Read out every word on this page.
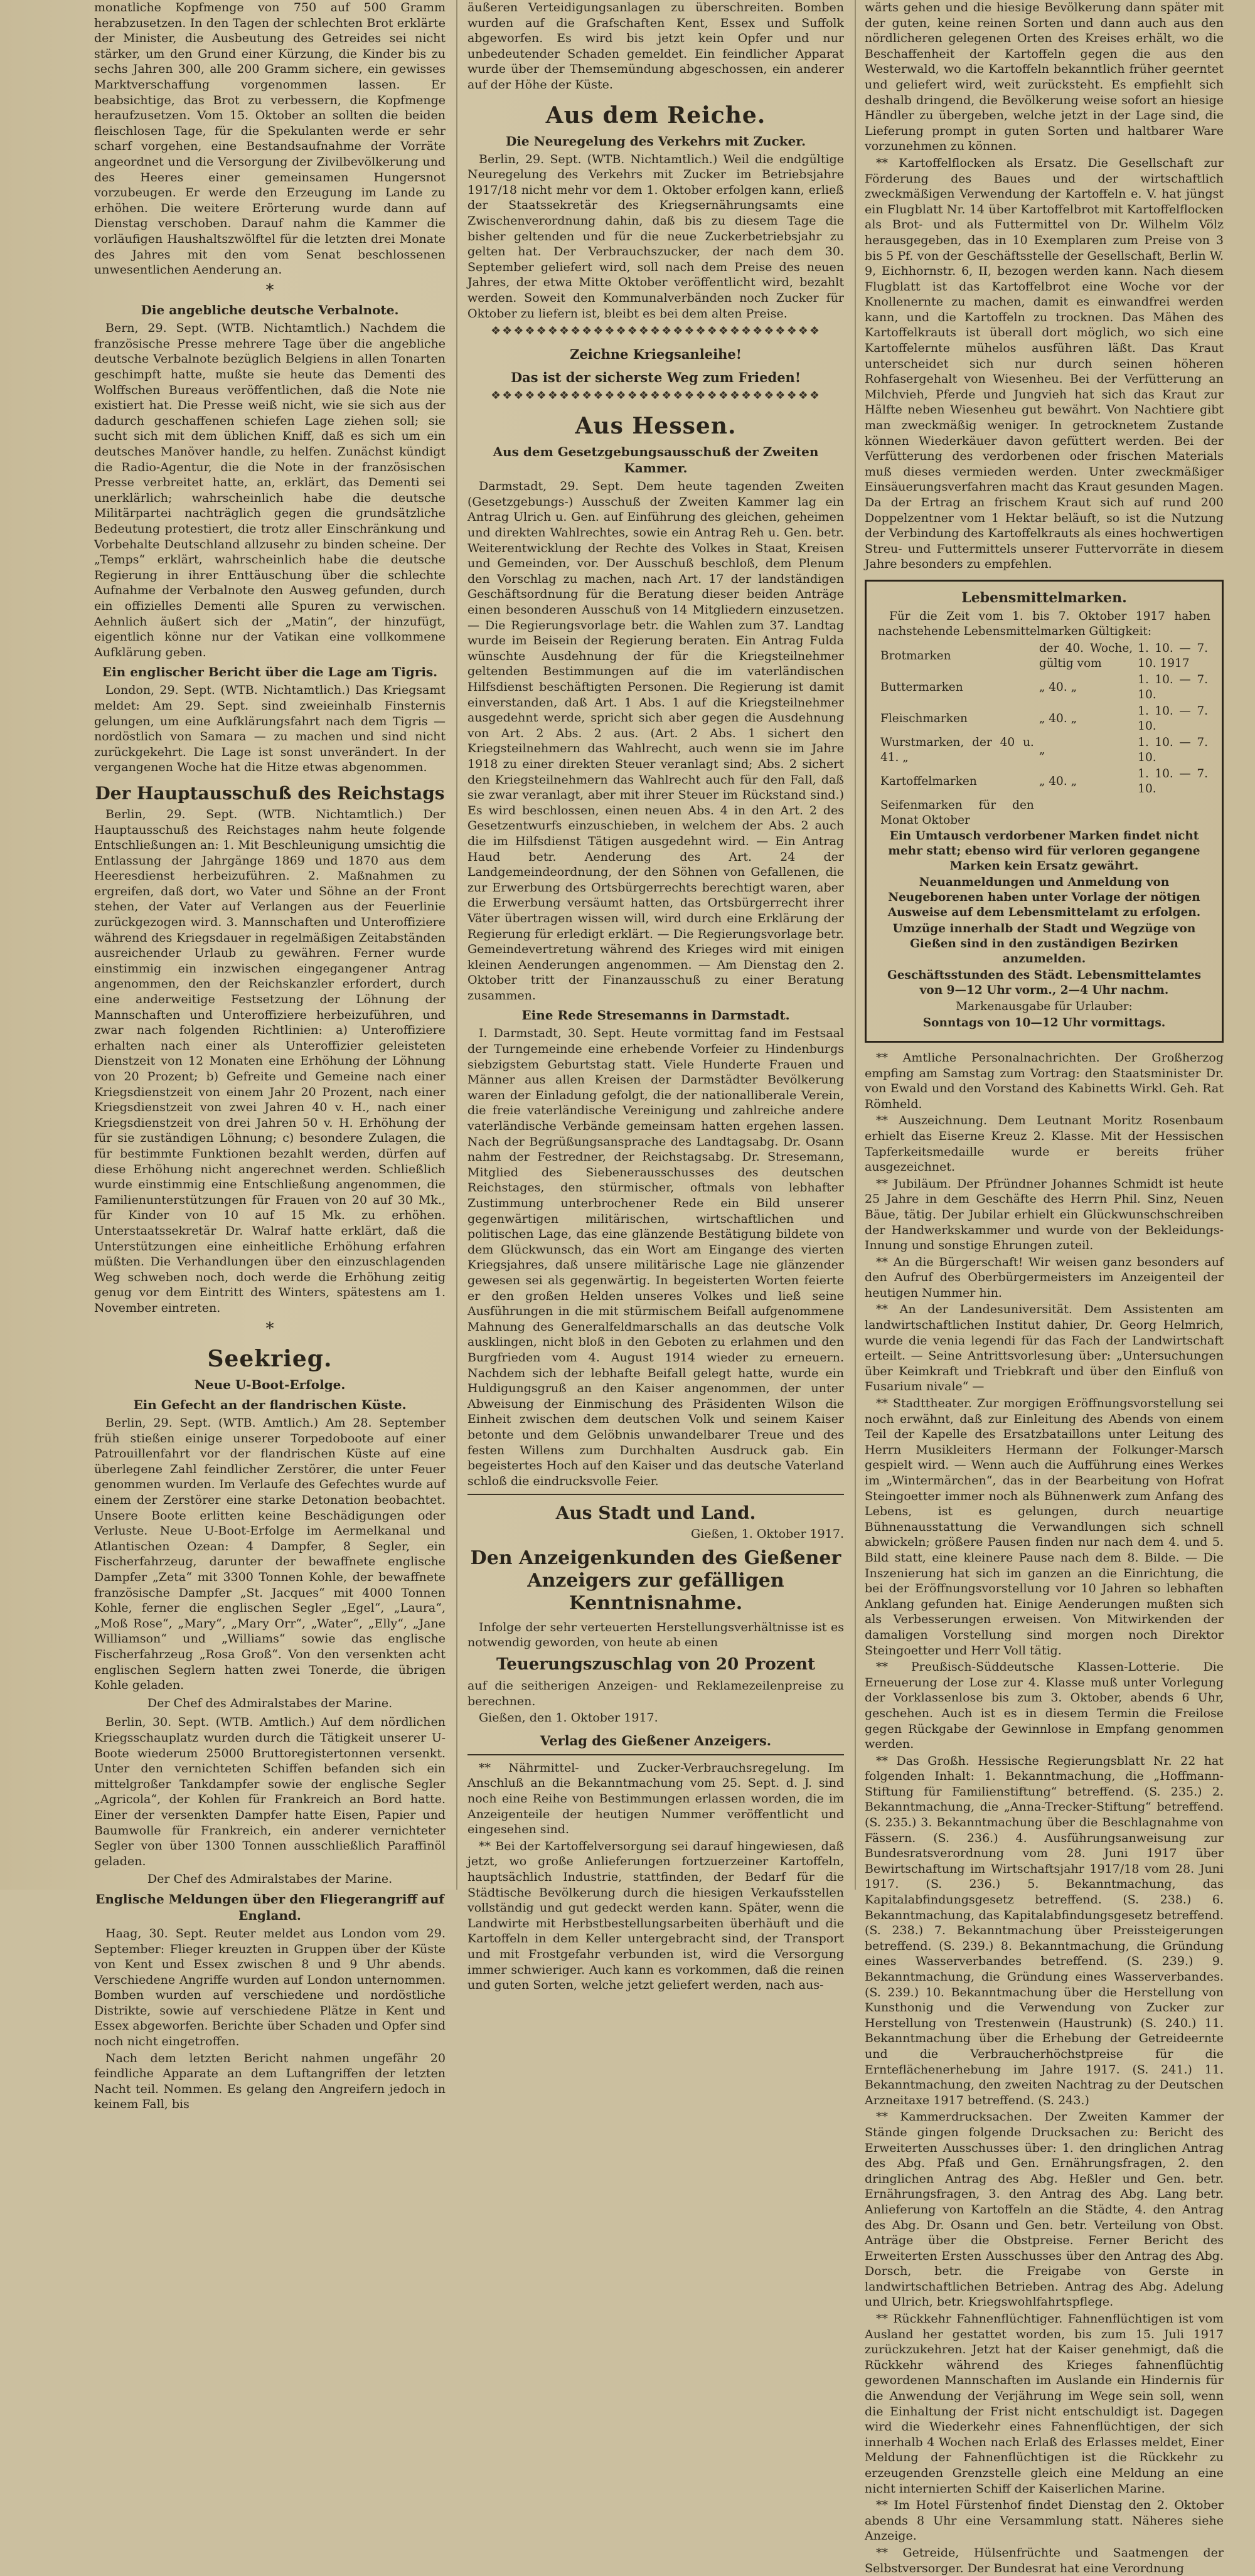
monatliche Kopfmenge von 750 auf 500 Gramm herabzusetzen. In den Tagen der schlechten Brot erklärte der Minister, die Ausbeutung des Getreides sei nicht stärker, um den Grund einer Kürzung, die Kinder bis zu sechs Jahren 300, alle 200 Gramm sichere, ein gewisses Marktverschaffung vorgenommen lassen. Er beabsichtige, das Brot zu verbessern, die Kopfmenge heraufzusetzen. Vom 15. Oktober an sollten die beiden fleischlosen Tage, für die Spekulanten werde er sehr scharf vorgehen, eine Bestandsaufnahme der Vorräte angeordnet und die Versorgung der Zivilbevölkerung und des Heeres einer gemeinsamen Hungersnot vorzubeugen. Er werde den Erzeugung im Lande zu erhöhen. Die weitere Erörterung wurde dann auf Dienstag verschoben. Darauf nahm die Kammer die vorläufigen Haushaltszwölftel für die letzten drei Monate des Jahres mit den vom Senat beschlossenen unwesentlichen Aenderung an.

*
Die angebliche deutsche Verbalnote.

Bern, 29. Sept. (WTB. Nichtamtlich.) Nachdem die französische Presse mehrere Tage über die angebliche deutsche Verbalnote bezüglich Belgiens in allen Tonarten geschimpft hatte, mußte sie heute das Dementi des Wolffschen Bureaus veröffentlichen, daß die Note nie existiert hat. Die Presse weiß nicht, wie sie sich aus der dadurch geschaffenen schiefen Lage ziehen soll; sie sucht sich mit dem üblichen Kniff, daß es sich um ein deutsches Manöver handle, zu helfen. Zunächst kündigt die Radio-Agentur, die die Note in der französischen Presse verbreitet hatte, an, erklärt, das Dementi sei unerklärlich; wahrscheinlich habe die deutsche Militärpartei nachträglich gegen die grundsätzliche Bedeutung protestiert, die trotz aller Einschränkung und Vorbehalte Deutschland allzusehr zu binden scheine. Der „Temps“ erklärt, wahrscheinlich habe die deutsche Regierung in ihrer Enttäuschung über die schlechte Aufnahme der Verbalnote den Ausweg gefunden, durch ein offizielles Dementi alle Spuren zu verwischen. Aehnlich äußert sich der „Matin“, der hinzufügt, eigentlich könne nur der Vatikan eine vollkommene Aufklärung geben.

Ein englischer Bericht über die Lage am Tigris.

London, 29. Sept. (WTB. Nichtamtlich.) Das Kriegsamt meldet: Am 29. Sept. sind zweieinhalb Finsternis gelungen, um eine Aufklärungsfahrt nach dem Tigris — nordöstlich von Samara — zu machen und sind nicht zurückgekehrt. Die Lage ist sonst unverändert. In der vergangenen Woche hat die Hitze etwas abgenommen.

Der Hauptausschuß des Reichstags

Berlin, 29. Sept. (WTB. Nichtamtlich.) Der Hauptausschuß des Reichstages nahm heute folgende Entschließungen an: 1. Mit Beschleunigung umsichtig die Entlassung der Jahrgänge 1869 und 1870 aus dem Heeresdienst herbeizuführen. 2. Maßnahmen zu ergreifen, daß dort, wo Vater und Söhne an der Front stehen, der Vater auf Verlangen aus der Feuerlinie zurückgezogen wird. 3. Mannschaften und Unteroffiziere während des Kriegsdauer in regelmäßigen Zeitabständen ausreichender Urlaub zu gewähren. Ferner wurde einstimmig ein inzwischen eingegangener Antrag angenommen, den der Reichskanzler erfordert, durch eine anderweitige Festsetzung der Löhnung der Mannschaften und Unteroffiziere herbeizuführen, und zwar nach folgenden Richtlinien: a) Unteroffiziere erhalten nach einer als Unteroffizier geleisteten Dienstzeit von 12 Monaten eine Erhöhung der Löhnung von 20 Prozent; b) Gefreite und Gemeine nach einer Kriegsdienstzeit von einem Jahr 20 Prozent, nach einer Kriegsdienstzeit von zwei Jahren 40 v. H., nach einer Kriegsdienstzeit von drei Jahren 50 v. H. Erhöhung der für sie zuständigen Löhnung; c) besondere Zulagen, die für bestimmte Funktionen bezahlt werden, dürfen auf diese Erhöhung nicht angerechnet werden. Schließlich wurde einstimmig eine Entschließung angenommen, die Familienunterstützungen für Frauen von 20 auf 30 Mk., für Kinder von 10 auf 15 Mk. zu erhöhen. Unterstaatssekretär Dr. Walraf hatte erklärt, daß die Unterstützungen eine einheitliche Erhöhung erfahren müßten. Die Verhandlungen über den einzuschlagenden Weg schweben noch, doch werde die Erhöhung zeitig genug vor dem Eintritt des Winters, spätestens am 1. November eintreten.

*
Seekrieg.
Neue U-Boot-Erfolge.
Ein Gefecht an der flandrischen Küste.

Berlin, 29. Sept. (WTB. Amtlich.) Am 28. September früh stießen einige unserer Torpedoboote auf einer Patrouillenfahrt vor der flandrischen Küste auf eine überlegene Zahl feindlicher Zerstörer, die unter Feuer genommen wurden. Im Verlaufe des Gefechtes wurde auf einem der Zerstörer eine starke Detonation beobachtet. Unsere Boote erlitten keine Beschädigungen oder Verluste. Neue U-Boot-Erfolge im Aermelkanal und Atlantischen Ozean: 4 Dampfer, 8 Segler, ein Fischerfahrzeug, darunter der bewaffnete englische Dampfer „Zeta“ mit 3300 Tonnen Kohle, der bewaffnete französische Dampfer „St. Jacques“ mit 4000 Tonnen Kohle, ferner die englischen Segler „Egel“, „Laura“, „Moß Rose“, „Mary“, „Mary Orr“, „Water“, „Elly“, „Jane Williamson“ und „Williams“ sowie das englische Fischerfahrzeug „Rosa Groß“. Von den versenkten acht englischen Seglern hatten zwei Tonerde, die übrigen Kohle geladen.

Der Chef des Admiralstabes der Marine.

Berlin, 30. Sept. (WTB. Amtlich.) Auf dem nördlichen Kriegsschauplatz wurden durch die Tätigkeit unserer U-Boote wiederum 25000 Bruttoregistertonnen versenkt. Unter den vernichteten Schiffen befanden sich ein mittelgroßer Tankdampfer sowie der englische Segler „Agricola“, der Kohlen für Frankreich an Bord hatte. Einer der versenkten Dampfer hatte Eisen, Papier und Baumwolle für Frankreich, ein anderer vernichteter Segler von über 1300 Tonnen ausschließlich Paraffinöl geladen.

Der Chef des Admiralstabes der Marine.
Englische Meldungen über den Fliegerangriff auf England.

Haag, 30. Sept. Reuter meldet aus London vom 29. September: Flieger kreuzten in Gruppen über der Küste von Kent und Essex zwischen 8 und 9 Uhr abends. Verschiedene Angriffe wurden auf London unternommen. Bomben wurden auf verschiedene und nordöstliche Distrikte, sowie auf verschiedene Plätze in Kent und Essex abgeworfen. Berichte über Schaden und Opfer sind noch nicht eingetroffen.

Nach dem letzten Bericht nahmen ungefähr 20 feindliche Apparate an dem Luftangriffen der letzten Nacht teil. Nommen. Es gelang den Angreifern jedoch in keinem Fall, bis

äußeren Verteidigungsanlagen zu überschreiten. Bomben wurden auf die Grafschaften Kent, Essex und Suffolk abgeworfen. Es wird bis jetzt kein Opfer und nur unbedeutender Schaden gemeldet. Ein feindlicher Apparat wurde über der Themsemündung abgeschossen, ein anderer auf der Höhe der Küste.

Aus dem Reiche.
Die Neuregelung des Verkehrs mit Zucker.

Berlin, 29. Sept. (WTB. Nichtamtlich.) Weil die endgültige Neuregelung des Verkehrs mit Zucker im Betriebsjahre 1917/18 nicht mehr vor dem 1. Oktober erfolgen kann, erließ der Staatssekretär des Kriegsernährungsamts eine Zwischenverordnung dahin, daß bis zu diesem Tage die bisher geltenden und für die neue Zuckerbetriebsjahr zu gelten hat. Der Verbrauchszucker, der nach dem 30. September geliefert wird, soll nach dem Preise des neuen Jahres, der etwa Mitte Oktober veröffentlicht wird, bezahlt werden. Soweit den Kommunalverbänden noch Zucker für Oktober zu liefern ist, bleibt es bei dem alten Preise.

❖❖❖❖❖❖❖❖❖❖❖❖❖❖❖❖❖❖❖❖❖❖❖❖❖❖❖❖❖
Zeichne Kriegsanleihe!
Das ist der sicherste Weg zum Frieden!
❖❖❖❖❖❖❖❖❖❖❖❖❖❖❖❖❖❖❖❖❖❖❖❖❖❖❖❖❖
Aus Hessen.
Aus dem Gesetzgebungsausschuß der Zweiten Kammer.

Darmstadt, 29. Sept. Dem heute tagenden Zweiten (Gesetzgebungs-) Ausschuß der Zweiten Kammer lag ein Antrag Ulrich u. Gen. auf Einführung des gleichen, geheimen und direkten Wahlrechtes, sowie ein Antrag Reh u. Gen. betr. Weiterentwicklung der Rechte des Volkes in Staat, Kreisen und Gemeinden, vor. Der Ausschuß beschloß, dem Plenum den Vorschlag zu machen, nach Art. 17 der landständigen Geschäftsordnung für die Beratung dieser beiden Anträge einen besonderen Ausschuß von 14 Mitgliedern einzusetzen. — Die Regierungsvorlage betr. die Wahlen zum 37. Landtag wurde im Beisein der Regierung beraten. Ein Antrag Fulda wünschte Ausdehnung der für die Kriegsteilnehmer geltenden Bestimmungen auf die im vaterländischen Hilfsdienst beschäftigten Personen. Die Regierung ist damit einverstanden, daß Art. 1 Abs. 1 auf die Kriegsteilnehmer ausgedehnt werde, spricht sich aber gegen die Ausdehnung von Art. 2 Abs. 2 aus. (Art. 2 Abs. 1 sichert den Kriegsteilnehmern das Wahlrecht, auch wenn sie im Jahre 1918 zu einer direkten Steuer veranlagt sind; Abs. 2 sichert den Kriegsteilnehmern das Wahlrecht auch für den Fall, daß sie zwar veranlagt, aber mit ihrer Steuer im Rückstand sind.) Es wird beschlossen, einen neuen Abs. 4 in den Art. 2 des Gesetzentwurfs einzuschieben, in welchem der Abs. 2 auch die im Hilfsdienst Tätigen ausgedehnt wird. — Ein Antrag Haud betr. Aenderung des Art. 24 der Landgemeindeordnung, der den Söhnen von Gefallenen, die zur Erwerbung des Ortsbürgerrechts berechtigt waren, aber die Erwerbung versäumt hatten, das Ortsbürgerrecht ihrer Väter übertragen wissen will, wird durch eine Erklärung der Regierung für erledigt erklärt. — Die Regierungsvorlage betr. Gemeindevertretung während des Krieges wird mit einigen kleinen Aenderungen angenommen. — Am Dienstag den 2. Oktober tritt der Finanzausschuß zu einer Beratung zusammen.

Eine Rede Stresemanns in Darmstadt.

I. Darmstadt, 30. Sept. Heute vormittag fand im Festsaal der Turngemeinde eine erhebende Vorfeier zu Hindenburgs siebzigstem Geburtstag statt. Viele Hunderte Frauen und Männer aus allen Kreisen der Darmstädter Bevölkerung waren der Einladung gefolgt, die der nationalliberale Verein, die freie vaterländische Vereinigung und zahlreiche andere vaterländische Verbände gemeinsam hatten ergehen lassen. Nach der Begrüßungsansprache des Landtagsabg. Dr. Osann nahm der Festredner, der Reichstagsabg. Dr. Stresemann, Mitglied des Siebenerausschusses des deutschen Reichstages, den stürmischer, oftmals von lebhafter Zustimmung unterbrochener Rede ein Bild unserer gegenwärtigen militärischen, wirtschaftlichen und politischen Lage, das eine glänzende Bestätigung bildete von dem Glückwunsch, das ein Wort am Eingange des vierten Kriegsjahres, daß unsere militärische Lage nie glänzender gewesen sei als gegenwärtig. In begeisterten Worten feierte er den großen Helden unseres Volkes und ließ seine Ausführungen in die mit stürmischem Beifall aufgenommene Mahnung des Generalfeldmarschalls an das deutsche Volk ausklingen, nicht bloß in den Geboten zu erlahmen und den Burgfrieden vom 4. August 1914 wieder zu erneuern. Nachdem sich der lebhafte Beifall gelegt hatte, wurde ein Huldigungsgruß an den Kaiser angenommen, der unter Abweisung der Einmischung des Präsidenten Wilson die Einheit zwischen dem deutschen Volk und seinem Kaiser betonte und dem Gelöbnis unwandelbarer Treue und des festen Willens zum Durchhalten Ausdruck gab. Ein begeistertes Hoch auf den Kaiser und das deutsche Vaterland schloß die eindrucksvolle Feier.

Aus Stadt und Land.
Gießen, 1. Oktober 1917.
Den Anzeigenkunden des Gießener Anzeigers zur gefälligen Kenntnisnahme.

Infolge der sehr verteuerten Herstellungsverhältnisse ist es notwendig geworden, von heute ab einen

Teuerungszuschlag von 20 Prozent

auf die seitherigen Anzeigen- und Reklamezeilenpreise zu berechnen.

Gießen, den 1. Oktober 1917.

Verlag des Gießener Anzeigers.

** Nährmittel- und Zucker-Verbrauchsregelung. Im Anschluß an die Bekanntmachung vom 25. Sept. d. J. sind noch eine Reihe von Bestimmungen erlassen worden, die im Anzeigenteile der heutigen Nummer veröffentlicht und eingesehen sind.

** Bei der Kartoffelversorgung sei darauf hingewiesen, daß jetzt, wo große Anlieferungen fortzuerzeiner Kartoffeln, hauptsächlich Industrie, stattfinden, der Bedarf für die Städtische Bevölkerung durch die hiesigen Verkaufsstellen vollständig und gut gedeckt werden kann. Später, wenn die Landwirte mit Herbstbestellungsarbeiten überhäuft und die Kartoffeln in dem Keller untergebracht sind, der Transport und mit Frostgefahr verbunden ist, wird die Versorgung immer schwieriger. Auch kann es vorkommen, daß die reinen und guten Sorten, welche jetzt geliefert werden, nach aus-

wärts gehen und die hiesige Bevölkerung dann später mit der guten, keine reinen Sorten und dann auch aus den nördlicheren gelegenen Orten des Kreises erhält, wo die Beschaffenheit der Kartoffeln gegen die aus den Westerwald, wo die Kartoffeln bekanntlich früher geerntet und geliefert wird, weit zurücksteht. Es empfiehlt sich deshalb dringend, die Bevölkerung weise sofort an hiesige Händler zu übergeben, welche jetzt in der Lage sind, die Lieferung prompt in guten Sorten und haltbarer Ware vorzunehmen zu können.

** Kartoffelflocken als Ersatz. Die Gesellschaft zur Förderung des Baues und der wirtschaftlich zweckmäßigen Verwendung der Kartoffeln e. V. hat jüngst ein Flugblatt Nr. 14 über Kartoffelbrot mit Kartoffelflocken als Brot- und als Futtermittel von Dr. Wilhelm Völz herausgegeben, das in 10 Exemplaren zum Preise von 3 bis 5 Pf. von der Geschäftsstelle der Gesellschaft, Berlin W. 9, Eichhornstr. 6, II, bezogen werden kann. Nach diesem Flugblatt ist das Kartoffelbrot eine Woche vor der Knollenernte zu machen, damit es einwandfrei werden kann, und die Kartoffeln zu trocknen. Das Mähen des Kartoffelkrauts ist überall dort möglich, wo sich eine Kartoffelernte mühelos ausführen läßt. Das Kraut unterscheidet sich nur durch seinen höheren Rohfasergehalt von Wiesenheu. Bei der Verfütterung an Milchvieh, Pferde und Jungvieh hat sich das Kraut zur Hälfte neben Wiesenheu gut bewährt. Von Nachtiere gibt man zweckmäßig weniger. In getrocknetem Zustande können Wiederkäuer davon gefüttert werden. Bei der Verfütterung des verdorbenen oder frischen Materials muß dieses vermieden werden. Unter zweckmäßiger Einsäuerungsverfahren macht das Kraut gesunden Magen. Da der Ertrag an frischem Kraut sich auf rund 200 Doppelzentner vom 1 Hektar beläuft, so ist die Nutzung der Verbindung des Kartoffelkrauts als eines hochwertigen Streu- und Futtermittels unserer Futtervorräte in diesem Jahre besonders zu empfehlen.

Lebensmittelmarken.

Für die Zeit vom 1. bis 7. Oktober 1917 haben nachstehende Lebensmittelmarken Gültigkeit:

Brotmarken	der 40. Woche, gültig vom	1. 10. — 7. 10. 1917
Buttermarken	„ 40. „	1. 10. — 7. 10.
Fleischmarken	„ 40. „	1. 10. — 7. 10.
Wurstmarken, der 40 u. 41. „	„	1. 10. — 7. 10.
Kartoffelmarken	„ 40. „	1. 10. — 7. 10.
Seifenmarken für den Monat Oktober		

Ein Umtausch verdorbener Marken findet nicht mehr statt; ebenso wird für verloren gegangene Marken kein Ersatz gewährt.

Neuanmeldungen und Anmeldung von Neugeborenen haben unter Vorlage der nötigen Ausweise auf dem Lebensmittelamt zu erfolgen.

Umzüge innerhalb der Stadt und Wegzüge von Gießen sind in den zuständigen Bezirken anzumelden.

Geschäftsstunden des Städt. Lebensmittelamtes von 9—12 Uhr vorm., 2—4 Uhr nachm.

Markenausgabe für Urlauber:

Sonntags von 10—12 Uhr vormittags.

** Amtliche Personalnachrichten. Der Großherzog empfing am Samstag zum Vortrag: den Staatsminister Dr. von Ewald und den Vorstand des Kabinetts Wirkl. Geh. Rat Römheld.

** Auszeichnung. Dem Leutnant Moritz Rosenbaum erhielt das Eiserne Kreuz 2. Klasse. Mit der Hessischen Tapferkeitsmedaille wurde er bereits früher ausgezeichnet.

** Jubiläum. Der Pfründner Johannes Schmidt ist heute 25 Jahre in dem Geschäfte des Herrn Phil. Sinz, Neuen Bäue, tätig. Der Jubilar erhielt ein Glückwunschschreiben der Handwerkskammer und wurde von der Bekleidungs-Innung und sonstige Ehrungen zuteil.

** An die Bürgerschaft! Wir weisen ganz besonders auf den Aufruf des Oberbürgermeisters im Anzeigenteil der heutigen Nummer hin.

** An der Landesuniversität. Dem Assistenten am landwirtschaftlichen Institut dahier, Dr. Georg Helmrich, wurde die venia legendi für das Fach der Landwirtschaft erteilt. — Seine Antrittsvorlesung über: „Untersuchungen über Keimkraft und Triebkraft und über den Einfluß von Fusarium nivale“ —

** Stadttheater. Zur morgigen Eröffnungsvorstellung sei noch erwähnt, daß zur Einleitung des Abends von einem Teil der Kapelle des Ersatzbataillons unter Leitung des Herrn Musikleiters Hermann der Folkunger-Marsch gespielt wird. — Wenn auch die Aufführung eines Werkes im „Wintermärchen“, das in der Bearbeitung von Hofrat Steingoetter immer noch als Bühnenwerk zum Anfang des Lebens, ist es gelungen, durch neuartige Bühnenausstattung die Verwandlungen sich schnell abwickeln; größere Pausen finden nur nach dem 4. und 5. Bild statt, eine kleinere Pause nach dem 8. Bilde. — Die Inszenierung hat sich im ganzen an die Einrichtung, die bei der Eröffnungsvorstellung vor 10 Jahren so lebhaften Anklang gefunden hat. Einige Aenderungen mußten sich als Verbesserungen erweisen. Von Mitwirkenden der damaligen Vorstellung sind morgen noch Direktor Steingoetter und Herr Voll tätig.

** Preußisch-Süddeutsche Klassen-Lotterie. Die Erneuerung der Lose zur 4. Klasse muß unter Vorlegung der Vorklassenlose bis zum 3. Oktober, abends 6 Uhr, geschehen. Auch ist es in diesem Termin die Freilose gegen Rückgabe der Gewinnlose in Empfang genommen werden.

** Das Großh. Hessische Regierungsblatt Nr. 22 hat folgenden Inhalt: 1. Bekanntmachung, die „Hoffmann-Stiftung für Familienstiftung“ betreffend. (S. 235.) 2. Bekanntmachung, die „Anna-Trecker-Stiftung“ betreffend. (S. 235.) 3. Bekanntmachung über die Beschlagnahme von Fässern. (S. 236.) 4. Ausführungsanweisung zur Bundesratsverordnung vom 28. Juni 1917 über Bewirtschaftung im Wirtschaftsjahr 1917/18 vom 28. Juni 1917. (S. 236.) 5. Bekanntmachung, das Kapitalabfindungsgesetz betreffend. (S. 238.) 6. Bekanntmachung, das Kapitalabfindungsgesetz betreffend. (S. 238.) 7. Bekanntmachung über Preissteigerungen betreffend. (S. 239.) 8. Bekanntmachung, die Gründung eines Wasserverbandes betreffend. (S. 239.) 9. Bekanntmachung, die Gründung eines Wasserverbandes. (S. 239.) 10. Bekanntmachung über die Herstellung von Kunsthonig und die Verwendung von Zucker zur Herstellung von Trestenwein (Haustrunk) (S. 240.) 11. Bekanntmachung über die Erhebung der Getreideernte und die Verbraucherhöchstpreise für die Ernteflächenerhebung im Jahre 1917. (S. 241.) 11. Bekanntmachung, den zweiten Nachtrag zu der Deutschen Arzneitaxe 1917 betreffend. (S. 243.)

** Kammerdrucksachen. Der Zweiten Kammer der Stände gingen folgende Drucksachen zu: Bericht des Erweiterten Ausschusses über: 1. den dringlichen Antrag des Abg. Pfaß und Gen. Ernährungsfragen, 2. den dringlichen Antrag des Abg. Heßler und Gen. betr. Ernährungsfragen, 3. den Antrag des Abg. Lang betr. Anlieferung von Kartoffeln an die Städte, 4. den Antrag des Abg. Dr. Osann und Gen. betr. Verteilung von Obst. Anträge über die Obstpreise. Ferner Bericht des Erweiterten Ersten Ausschusses über den Antrag des Abg. Dorsch, betr. die Freigabe von Gerste in landwirtschaftlichen Betrieben. Antrag des Abg. Adelung und Ulrich, betr. Kriegswohlfahrtspflege.

** Rückkehr Fahnenflüchtiger. Fahnenflüchtigen ist vom Ausland her gestattet worden, bis zum 15. Juli 1917 zurückzukehren. Jetzt hat der Kaiser genehmigt, daß die Rückkehr während des Krieges fahnenflüchtig gewordenen Mannschaften im Auslande ein Hindernis für die Anwendung der Verjährung im Wege sein soll, wenn die Einhaltung der Frist nicht entschuldigt ist. Dagegen wird die Wiederkehr eines Fahnenflüchtigen, der sich innerhalb 4 Wochen nach Erlaß des Erlasses meldet, Einer Meldung der Fahnenflüchtigen ist die Rückkehr zu erzeugenden Grenzstelle gleich eine Meldung an eine nicht internierten Schiff der Kaiserlichen Marine.

** Im Hotel Fürstenhof findet Dienstag den 2. Oktober abends 8 Uhr eine Versammlung statt. Näheres siehe Anzeige.

** Getreide, Hülsenfrüchte und Saatmengen der Selbstversorger. Der Bundesrat hat eine Verordnung
